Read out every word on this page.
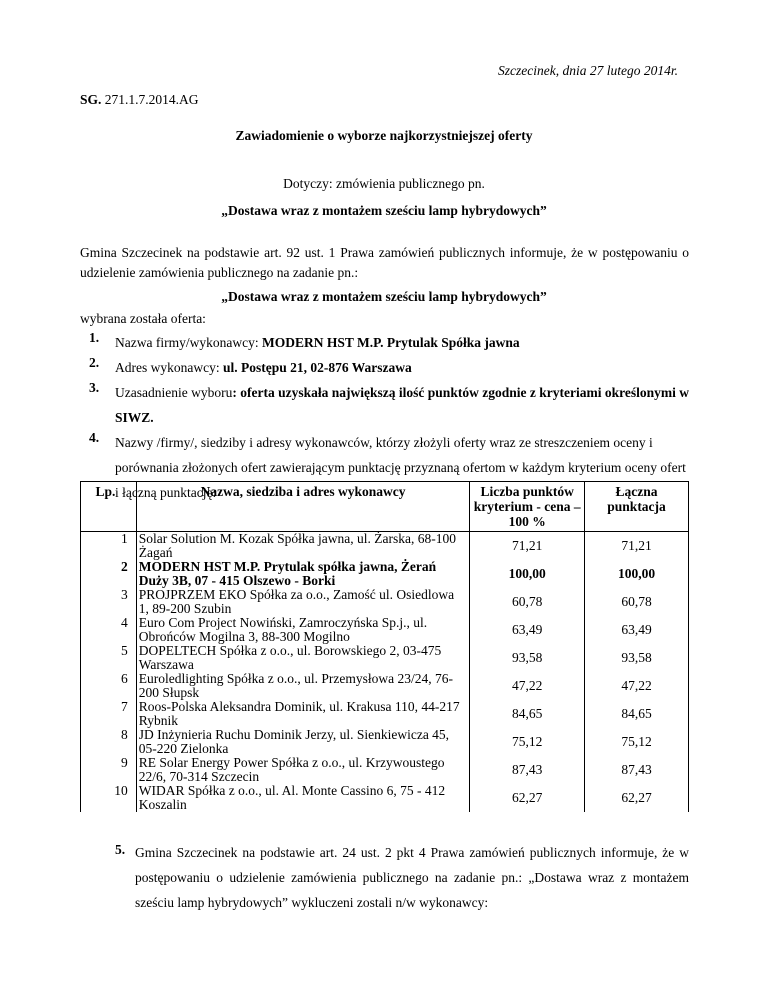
Szczecinek, dnia 27 lutego 2014r.
SG. 271.1.7.2014.AG
Zawiadomienie o wyborze najkorzystniejszej oferty
Dotyczy: zmówienia publicznego pn.
„Dostawa wraz z montażem sześciu lamp hybrydowych”
Gmina Szczecinek na podstawie art. 92 ust. 1 Prawa zamówień publicznych informuje, że w postępowaniu o udzielenie zamówienia publicznego na zadanie pn.:
„Dostawa wraz z montażem sześciu lamp hybrydowych”
wybrana została oferta:
1. Nazwa firmy/wykonawcy: MODERN HST M.P. Prytulak Spółka jawna
2. Adres wykonawcy: ul. Postępu 21, 02-876 Warszawa
3. Uzasadnienie wyboru: oferta uzyskała największą ilość punktów zgodnie z kryteriami określonymi w SIWZ.
4. Nazwy /firmy/, siedziby i adresy wykonawców, którzy złożyli oferty wraz ze streszczeniem oceny i porównania złożonych ofert zawierającym punktację przyznaną ofertom w każdym kryterium oceny ofert i łączną punktację:
Lp.	Nazwa, siedziba i adres wykonawcy	Liczba punktów kryterium - cena – 100 %	Łączna punktacja
1	Solar Solution M. Kozak Spółka jawna, ul. Żarska, 68-100 Żagań	71,21	71,21
2	MODERN HST M.P. Prytulak spółka jawna, Żerań Duży 3B, 07 - 415 Olszewo - Borki	100,00	100,00
3	PROJPRZEM EKO Spółka za o.o., Zamość ul. Osiedlowa 1, 89-200 Szubin	60,78	60,78
4	Euro Com Project Nowiński, Zamroczyńska Sp.j., ul. Obrońców Mogilna 3, 88-300 Mogilno	63,49	63,49
5	DOPELTECH Spółka z o.o., ul. Borowskiego 2, 03-475 Warszawa	93,58	93,58
6	Euroledlighting Spółka z o.o., ul. Przemysłowa 23/24, 76-200 Słupsk	47,22	47,22
7	Roos-Polska Aleksandra Dominik, ul. Krakusa 110, 44-217 Rybnik	84,65	84,65
8	JD Inżynieria Ruchu Dominik Jerzy, ul. Sienkiewicza 45, 05-220 Zielonka	75,12	75,12
9	RE Solar Energy Power Spółka z o.o., ul. Krzywoustego 22/6, 70-314 Szczecin	87,43	87,43
10	WIDAR Spółka z o.o., ul. Al. Monte Cassino 6, 75 - 412 Koszalin	62,27	62,27
5. Gmina Szczecinek na podstawie art. 24 ust. 2 pkt 4 Prawa zamówień publicznych informuje, że w postępowaniu o udzielenie zamówienia publicznego na zadanie pn.: „Dostawa wraz z montażem sześciu lamp hybrydowych” wykluczeni zostali n/w wykonawcy:
